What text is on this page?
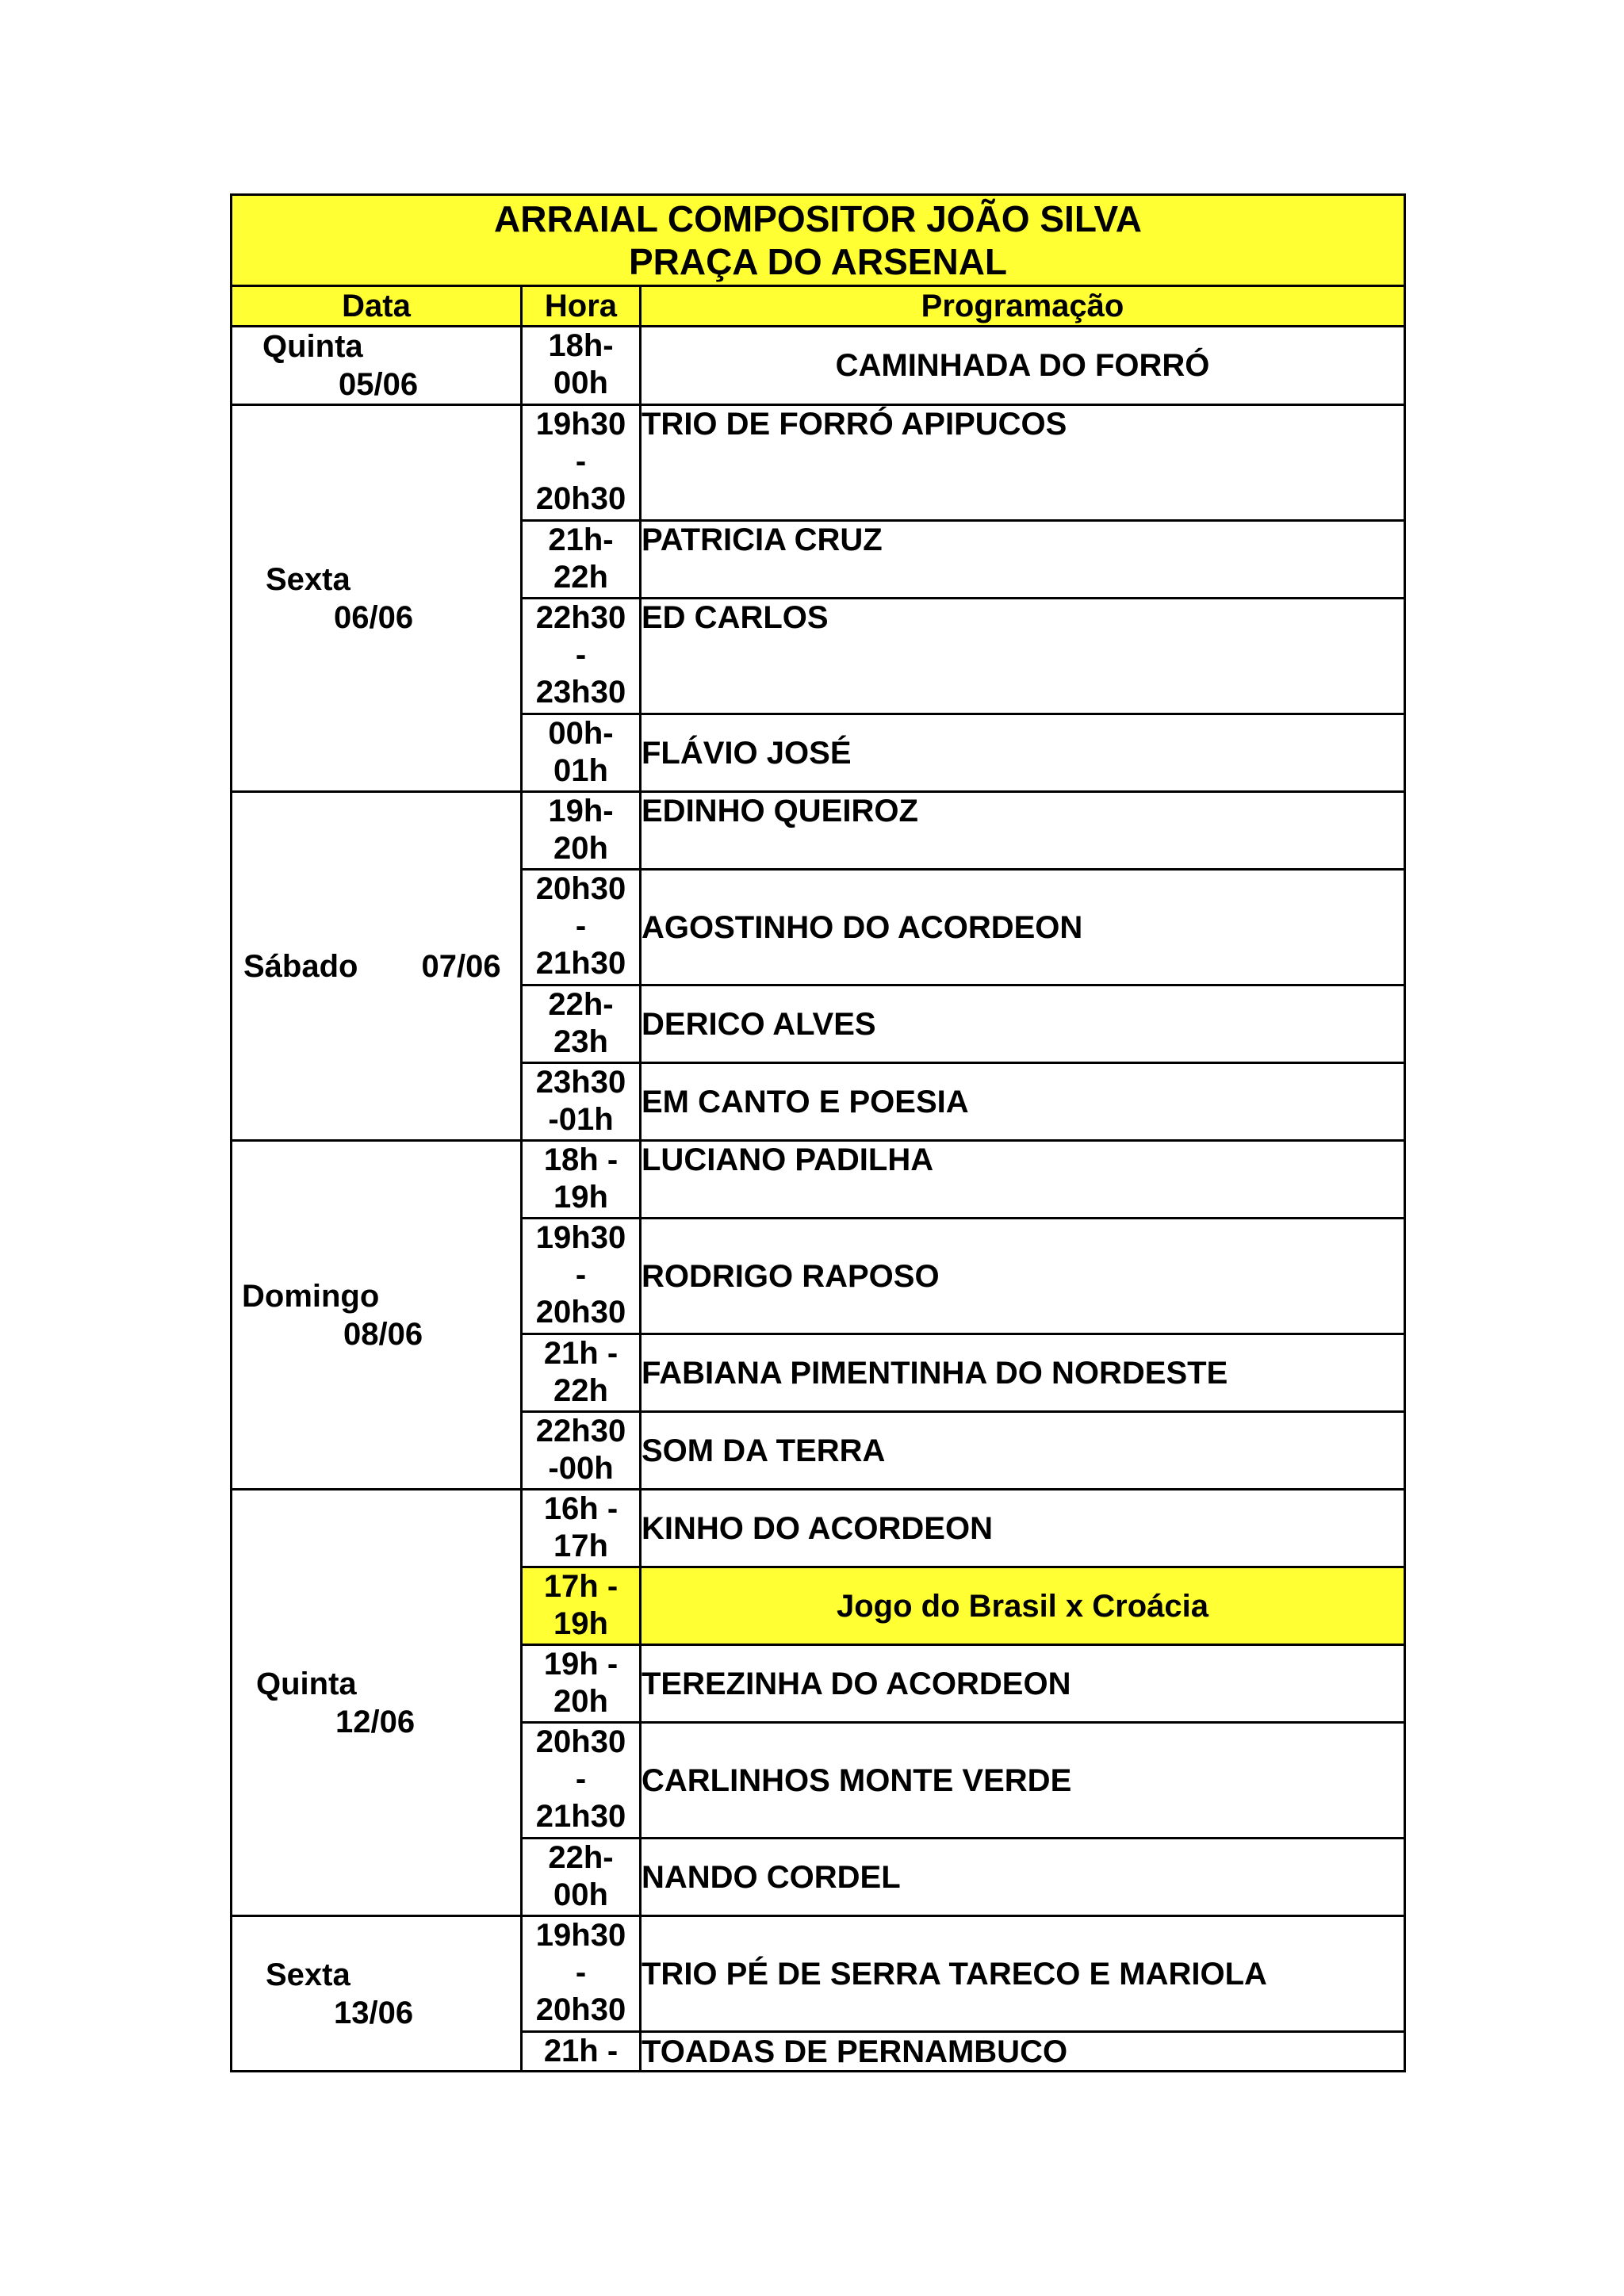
ARRAIAL COMPOSITOR JOÃO SILVA
PRAÇA DO ARSENAL		

Data	Hora	Programação

Quinta
05/06	18h-
00h	CAMINHADA DO FORRÓ

Sexta
06/06	19h30
-
20h30	TRIO DE FORRÓ APIPUCOS

	21h-
22h	PATRICIA CRUZ

	22h30
-
23h30	ED CARLOS

	00h-
01h	FLÁVIO JOSÉ

Sábado 07/06	19h-
20h	EDINHO QUEIROZ

	20h30
-
21h30	AGOSTINHO DO ACORDEON

	22h-
23h	DERICO ALVES

	23h30
-01h	EM CANTO E POESIA

Domingo
08/06	18h -
19h	LUCIANO PADILHA

	19h30
-
20h30	RODRIGO RAPOSO

	21h -
22h	FABIANA PIMENTINHA DO NORDESTE

	22h30
-00h	SOM DA TERRA

Quinta
12/06	16h -
17h	KINHO DO ACORDEON

	17h -
19h	Jogo do Brasil x Croácia

	19h -
20h	TEREZINHA DO ACORDEON

	20h30
-
21h30	CARLINHOS MONTE VERDE

	22h-
00h	NANDO CORDEL

Sexta
13/06	19h30
-
20h30	TRIO PÉ DE SERRA TARECO E MARIOLA

	21h -	TOADAS DE PERNAMBUCO
